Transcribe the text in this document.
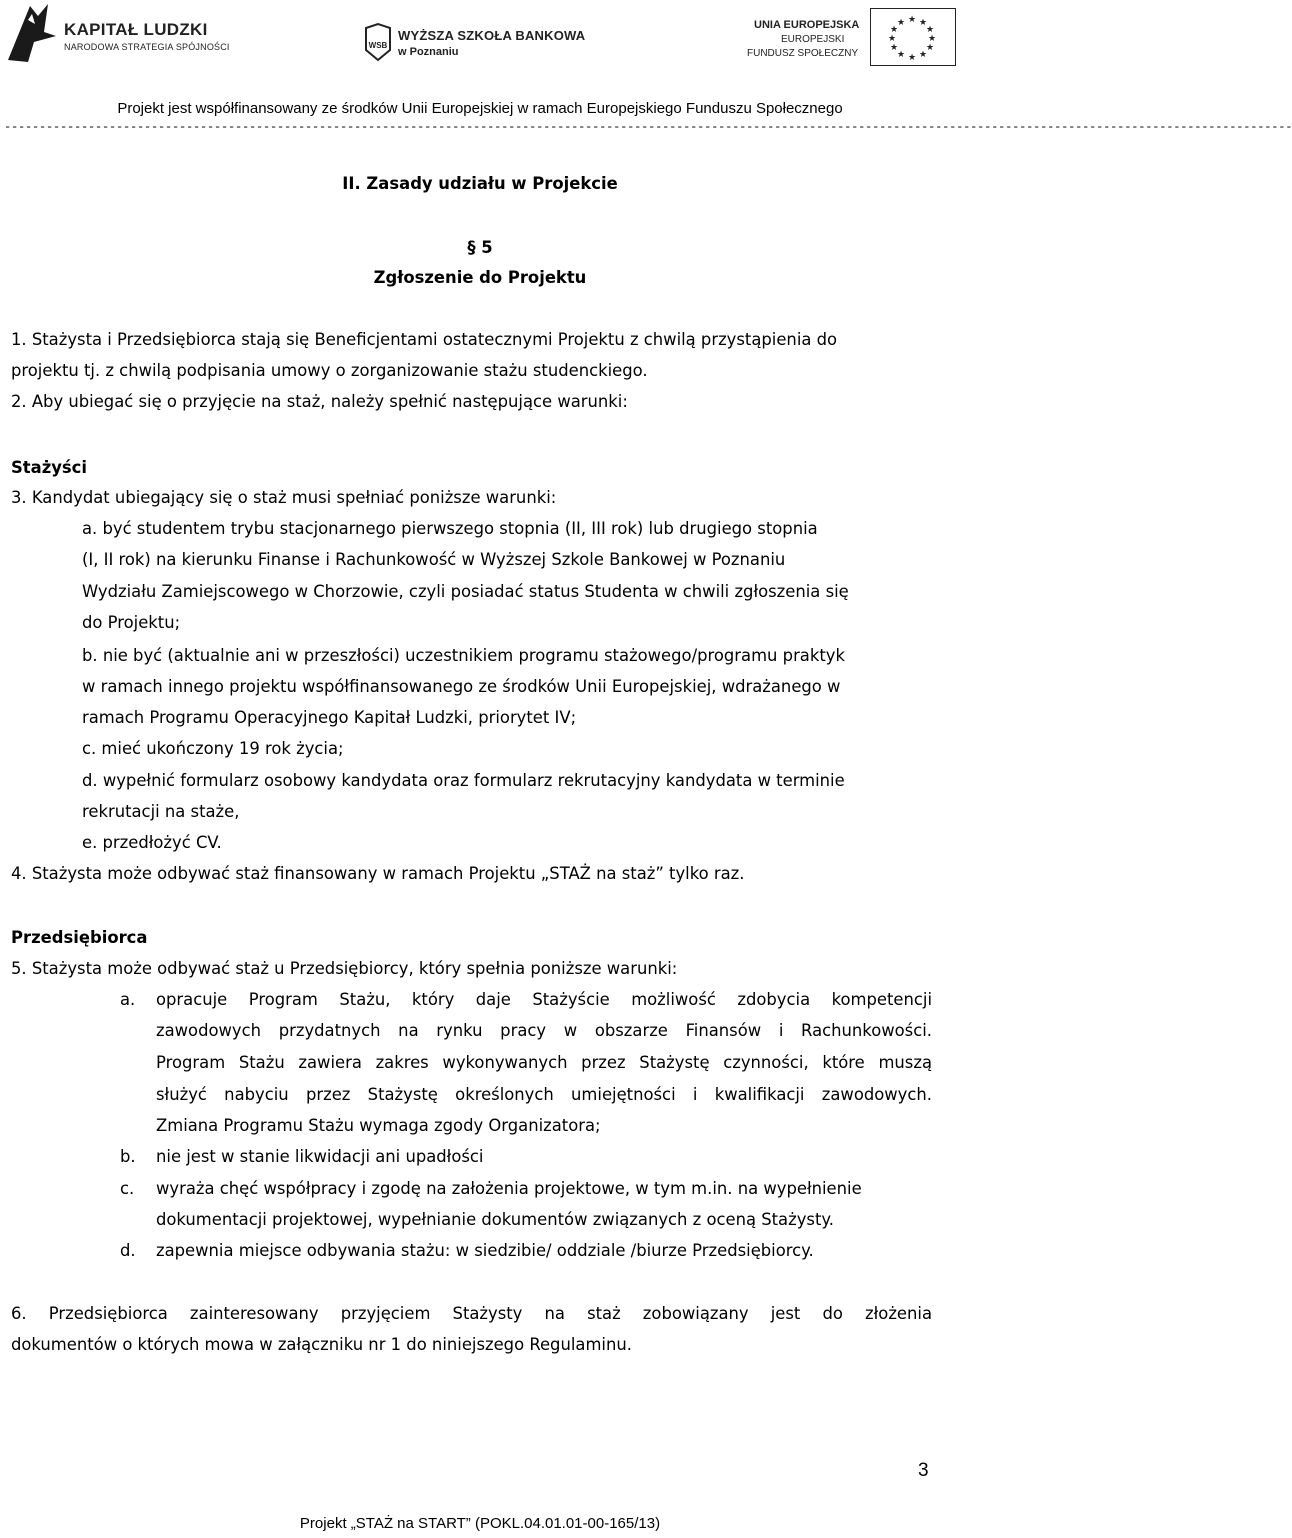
KAPITAŁ LUDZKI
NARODOWA STRATEGIA SPÓJNOŚCI	WSB
WYŻSZA SZKOŁA BANKOWA
w Poznaniu
UNIA EUROPEJSKA
EUROPEJSKI
FUNDUSZ SPOŁECZNY
★ ★
★
★
★
★
★
★
★
★
★
★
Projekt jest współfinansowany ze środków Unii Europejskiej w ramach Europejskiego Funduszu Społecznego
----------------------------------------------------------------------------------------------------------------------------------------------------------------------------------------
II. Zasady udziału w Projekcie
§ 5
Zgłoszenie do Projektu
1. Stażysta i Przedsiębiorca stają się Beneficjentami ostatecznymi Projektu z chwilą przystąpienia do
projektu tj. z chwilą podpisania umowy o zorganizowanie stażu studenckiego.
2. Aby ubiegać się o przyjęcie na staż, należy spełnić następujące warunki:
Stażyści
3. Kandydat ubiegający się o staż musi spełniać poniższe warunki:
a. być studentem trybu stacjonarnego pierwszego stopnia (II, III rok) lub drugiego stopnia
(I, II rok) na kierunku Finanse i Rachunkowość w Wyższej Szkole Bankowej w Poznaniu
Wydziału Zamiejscowego w Chorzowie, czyli posiadać status Studenta w chwili zgłoszenia się
do Projektu;
b. nie być (aktualnie ani w przeszłości) uczestnikiem programu stażowego/programu praktyk
w ramach innego projektu współfinansowanego ze środków Unii Europejskiej, wdrażanego w
ramach Programu Operacyjnego Kapitał Ludzki, priorytet IV;
c. mieć ukończony 19 rok życia;
d. wypełnić formularz osobowy kandydata oraz formularz rekrutacyjny kandydata w terminie
rekrutacji na staże,
e. przedłożyć CV.
4. Stażysta może odbywać staż finansowany w ramach Projektu „STAŻ na staż” tylko raz.
Przedsiębiorca
5. Stażysta może odbywać staż u Przedsiębiorcy, który spełnia poniższe warunki:
a. opracuje Program Stażu, który daje Stażyście możliwość zdobycia kompetencji
zawodowych przydatnych na rynku pracy w obszarze Finansów i Rachunkowości.
Program Stażu zawiera zakres wykonywanych przez Stażystę czynności, które muszą
służyć nabyciu przez Stażystę określonych umiejętności i kwalifikacji zawodowych.
Zmiana Programu Stażu wymaga zgody Organizatora;
b. nie jest w stanie likwidacji ani upadłości
c. wyraża chęć współpracy i zgodę na założenia projektowe, w tym m.in. na wypełnienie
dokumentacji projektowej, wypełnianie dokumentów związanych z oceną Stażysty.
d. zapewnia miejsce odbywania stażu: w siedzibie/ oddziale /biurze Przedsiębiorcy.
6. Przedsiębiorca zainteresowany przyjęciem Stażysty na staż zobowiązany jest do złożenia
dokumentów o których mowa w załączniku nr 1 do niniejszego Regulaminu.
3
Projekt „STAŻ na START” (POKL.04.01.01-00-165/13)
